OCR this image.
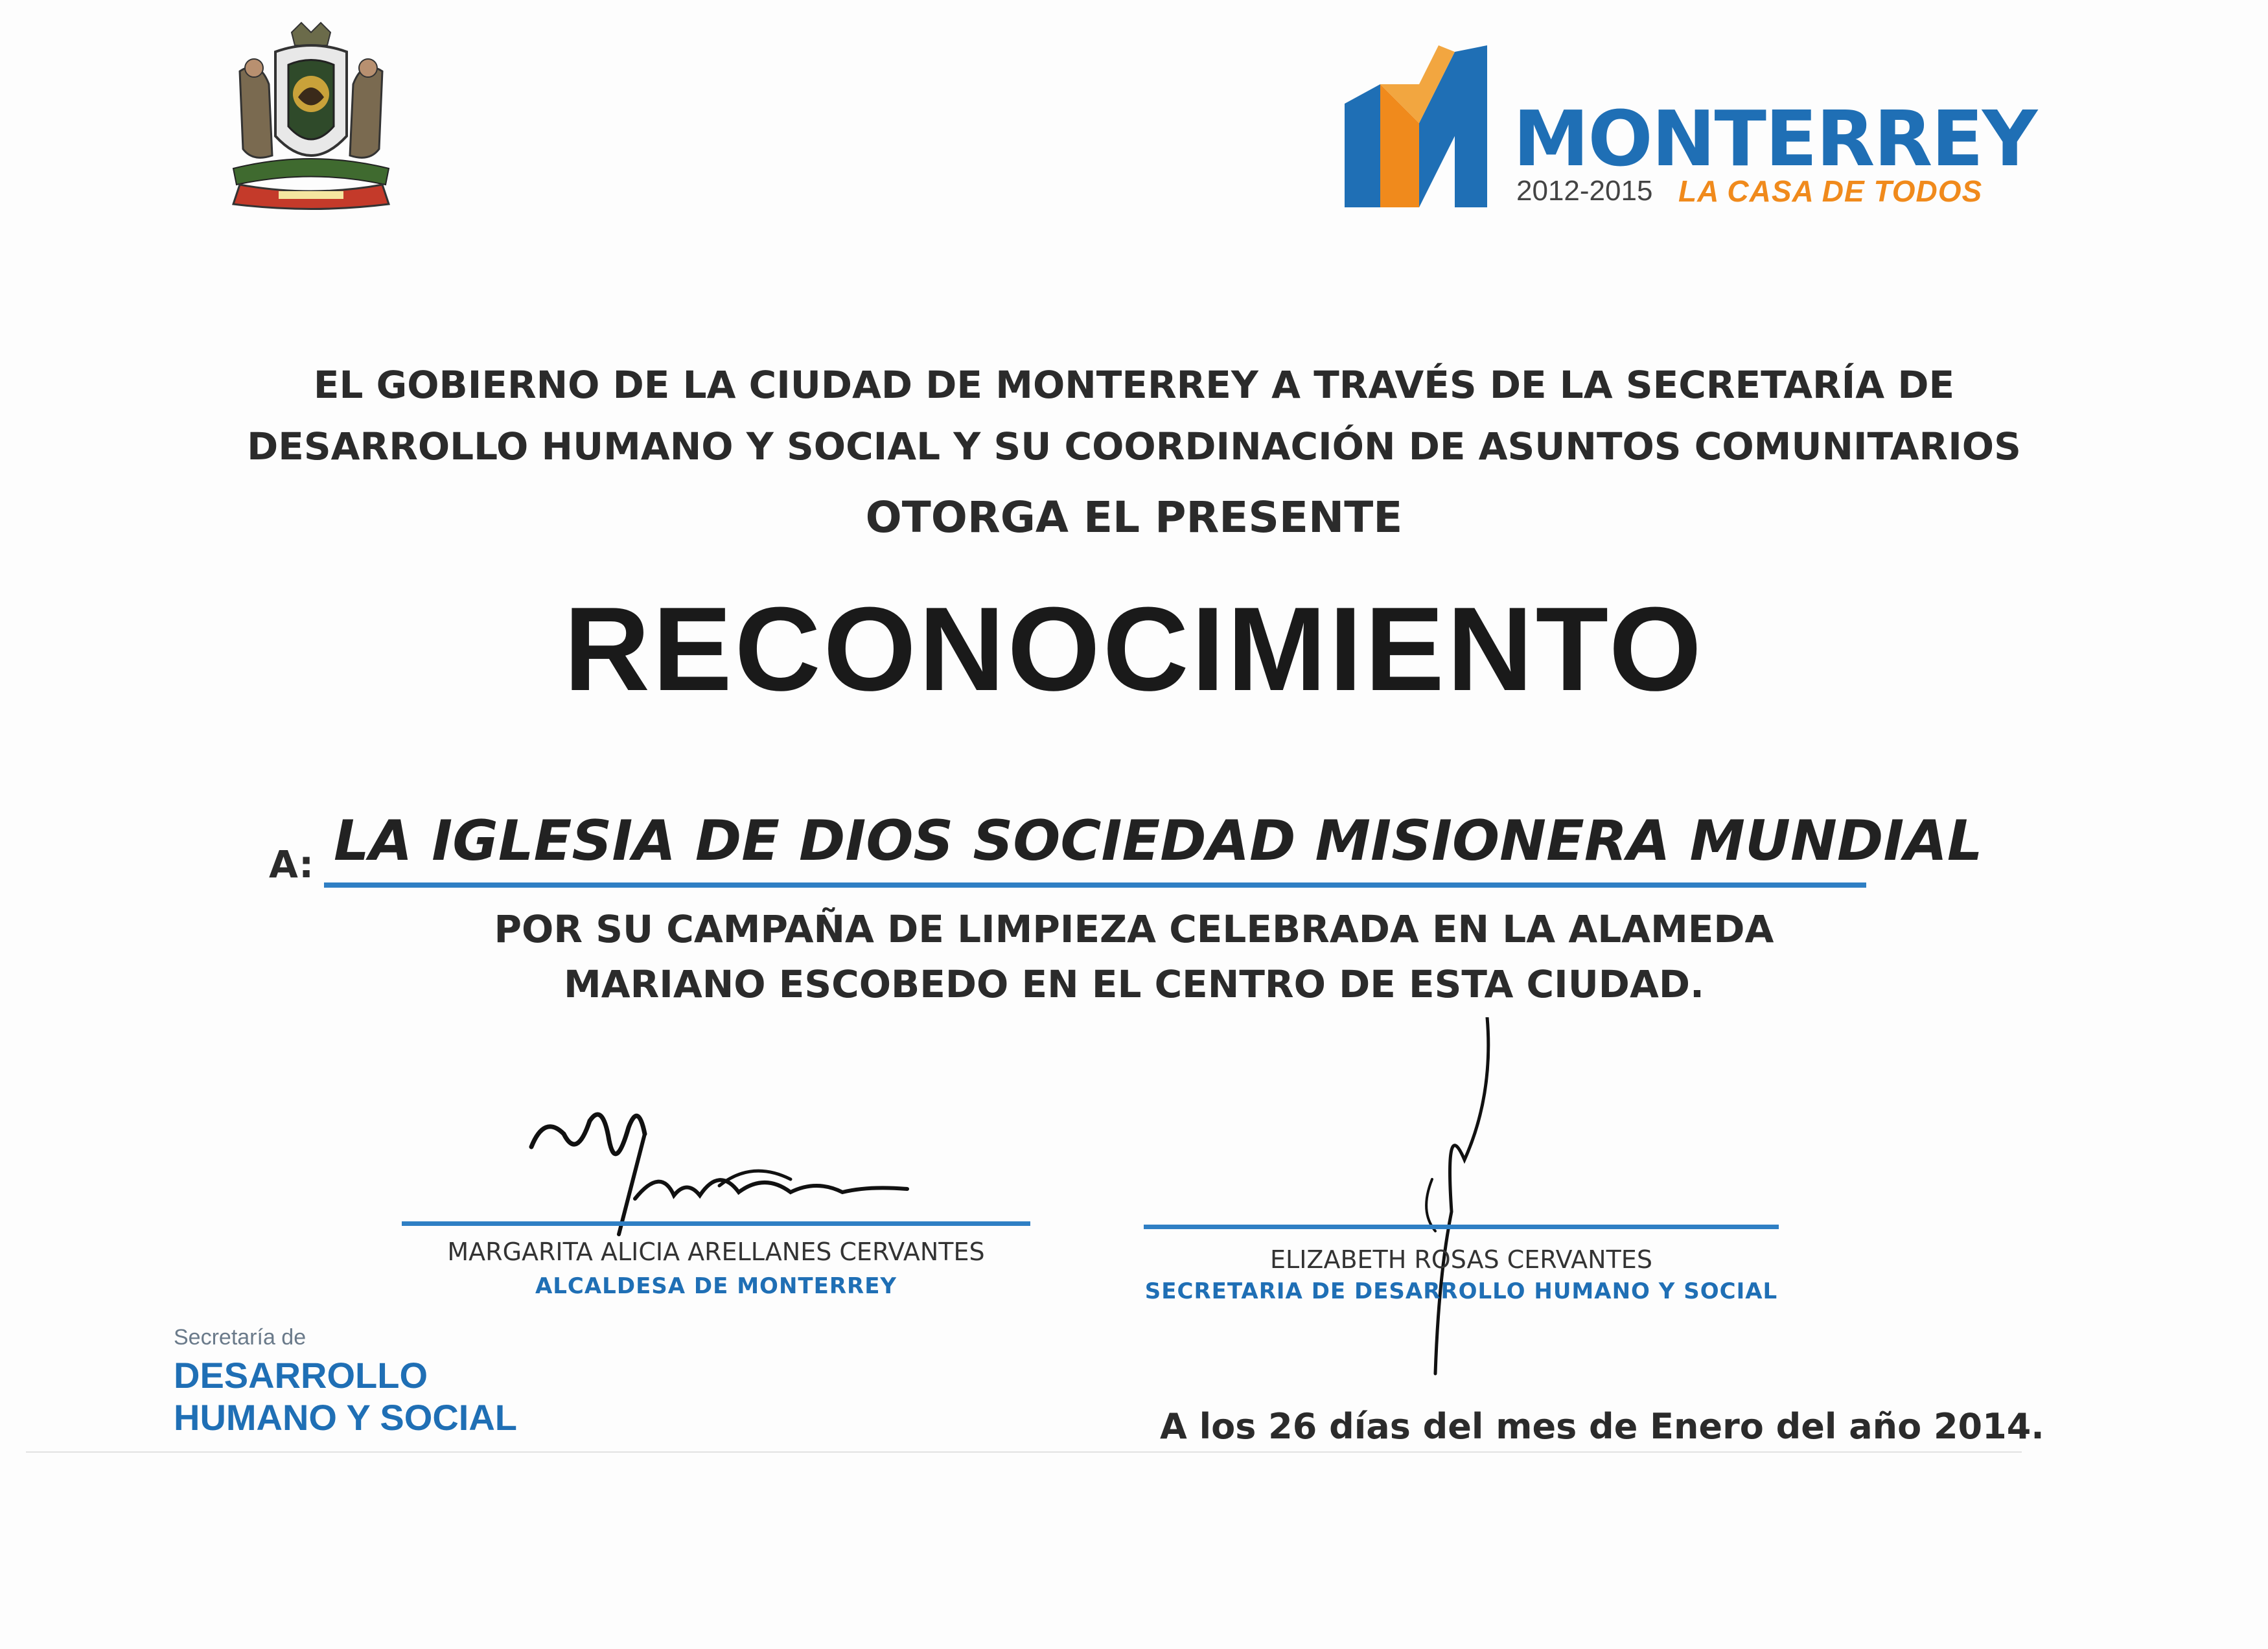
MONTERREY
2012-2015 LA CASA DE TODOS
EL GOBIERNO DE LA CIUDAD DE MONTERREY A TRAVÉS DE LA SECRETARÍA DE
DESARROLLO HUMANO Y SOCIAL Y SU COORDINACIÓN DE ASUNTOS COMUNITARIOS
OTORGA EL PRESENTE
RECONOCIMIENTO
A: LA IGLESIA DE DIOS SOCIEDAD MISIONERA MUNDIAL
POR SU CAMPAÑA DE LIMPIEZA CELEBRADA EN LA ALAMEDA
MARIANO ESCOBEDO EN EL CENTRO DE ESTA CIUDAD.
MARGARITA ALICIA ARELLANES CERVANTES
ALCALDESA DE MONTERREY
ELIZABETH ROSAS CERVANTES
SECRETARIA DE DESARROLLO HUMANO Y SOCIAL
Secretaría de
DESARROLLO
HUMANO Y SOCIAL	A los 26 días del mes de Enero del año 2014.
